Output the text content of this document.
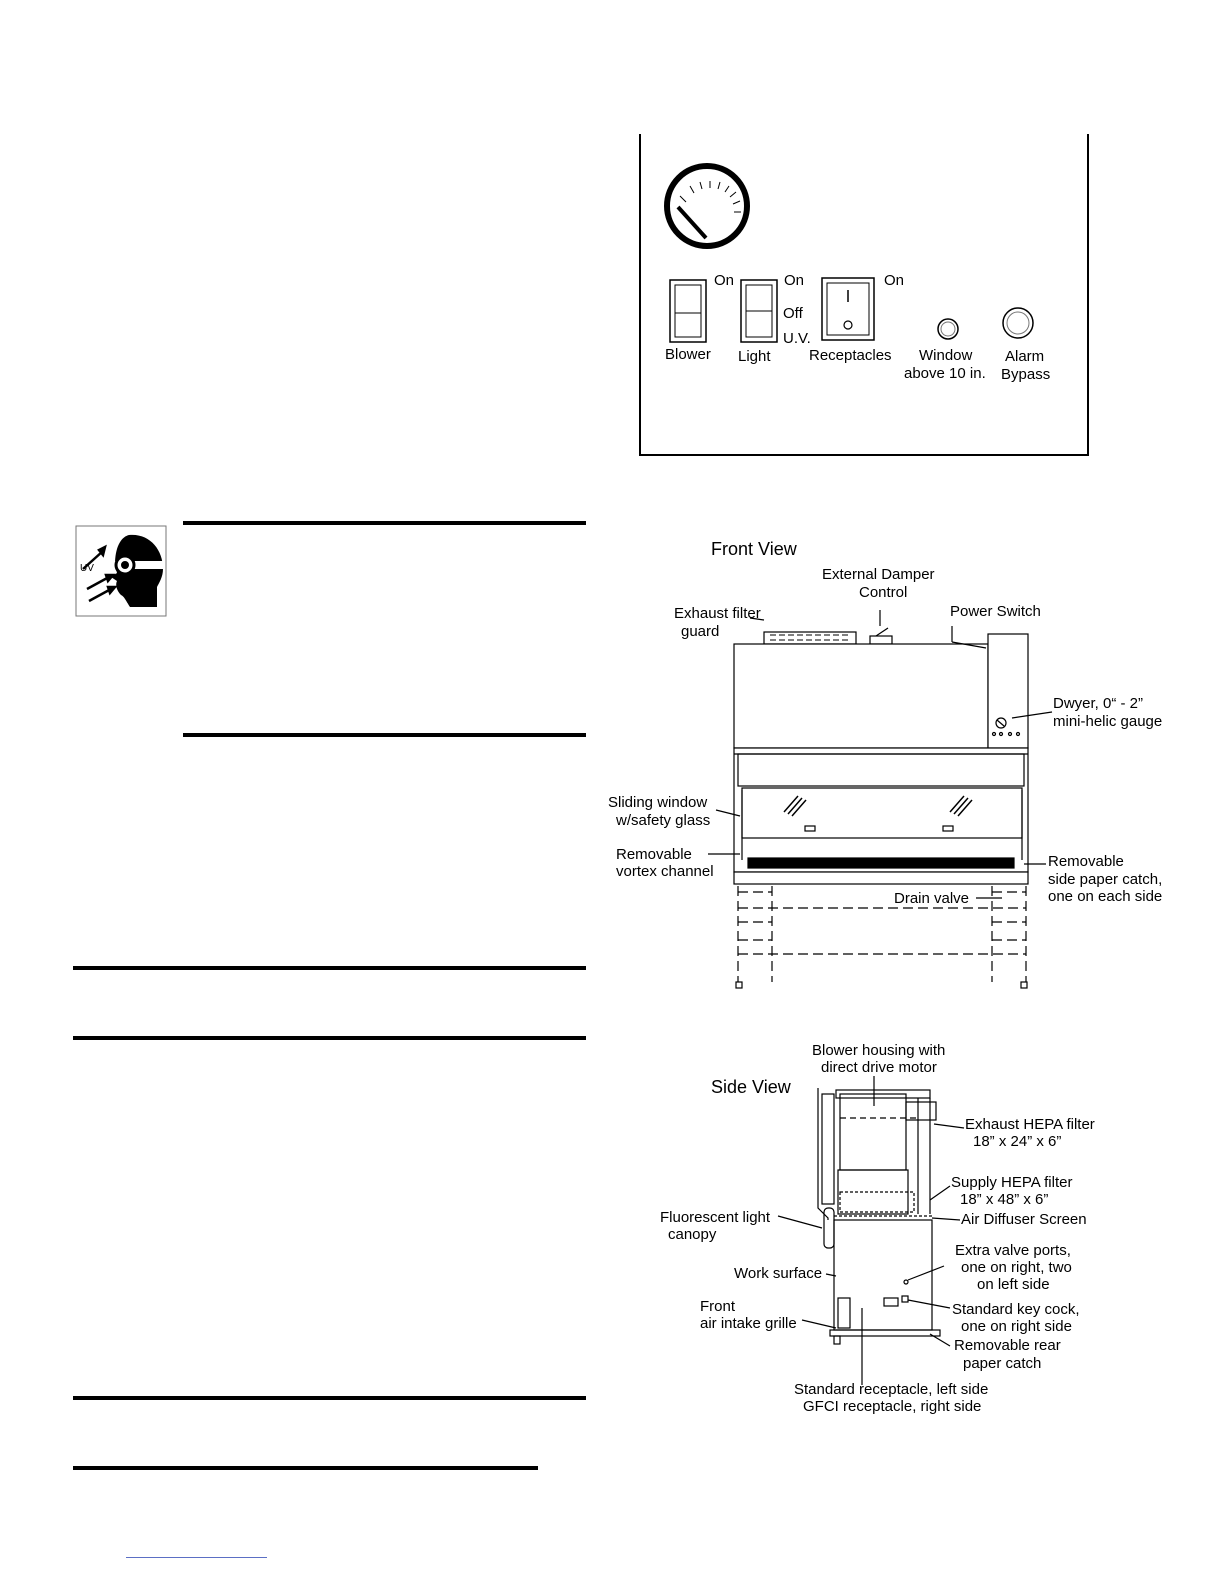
On	On
Off
U.V.
On
Blower Light	Receptacles Window
above 10 in.
Alarm
Bypass
UV
Front View
External Damper
Control
Exhaust filter
guard
Power Switch
Dwyer, 0“ - 2”
mini-helic gauge
Sliding window
w/safety glass
Removable
vortex channel
Removable
side paper catch,
one on each side
Drain valve
Side View
Blower housing with
direct drive motor
Exhaust HEPA filter
18” x 24” x 6”
Supply HEPA filter
18” x 48” x 6”
Air Diffuser Screen
Fluorescent light
canopy
Extra valve ports,
one on right, two
on left side
Work surface
Standard key cock,
one on right side
Front
air intake grille
Removable rear
paper catch
Standard receptacle, left side
GFCI receptacle, right side
